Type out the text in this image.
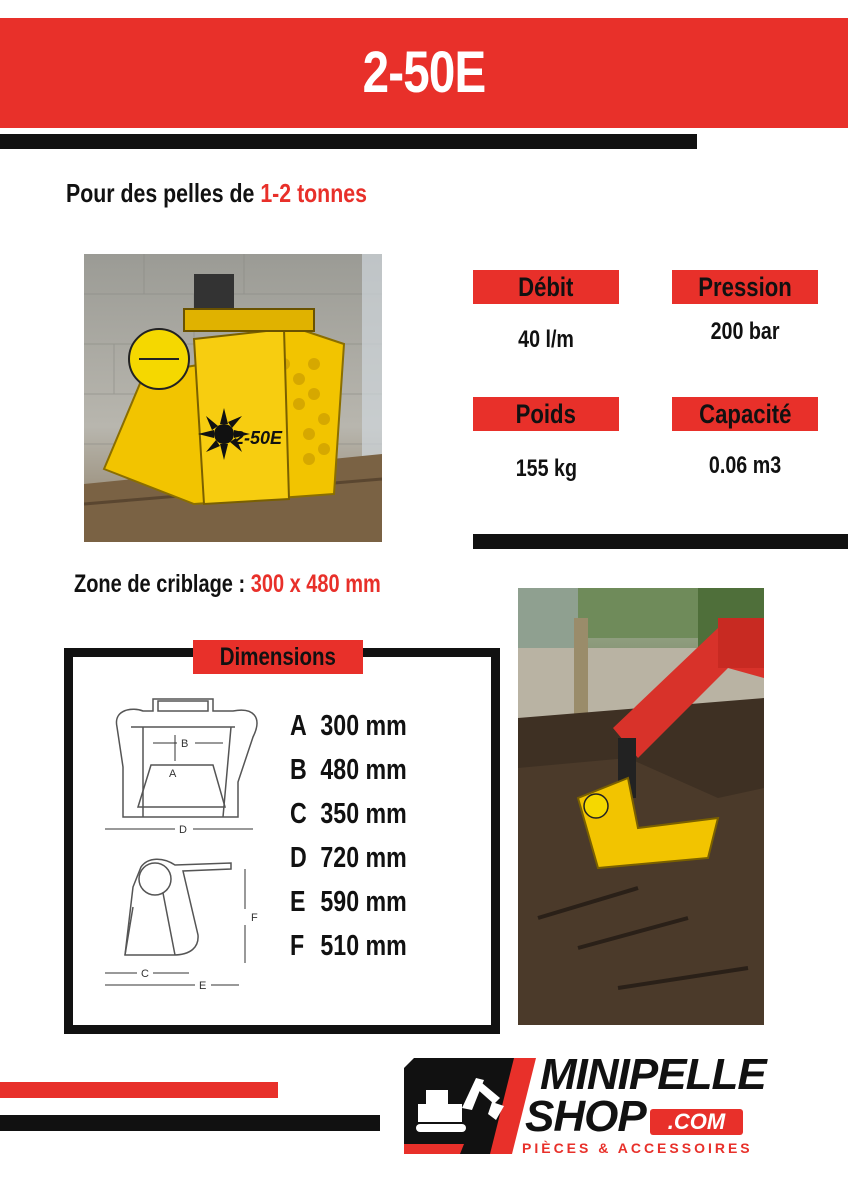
2-50E
Pour des pelles de 1-2 tonnes
2-50E
Débit
40 l/m
Pression
200 bar
Poids
155 kg
Capacité
0.06 m3
Zone de criblage : 300 x 480 mm
B
A
D
F
C
E
Dimensions
A 300 mm
B 480 mm
C 350 mm
D 720 mm
E 590 mm
F 510 mm
MINIPELLE
SHOP	.COM
PIÈCES & ACCESSOIRES
